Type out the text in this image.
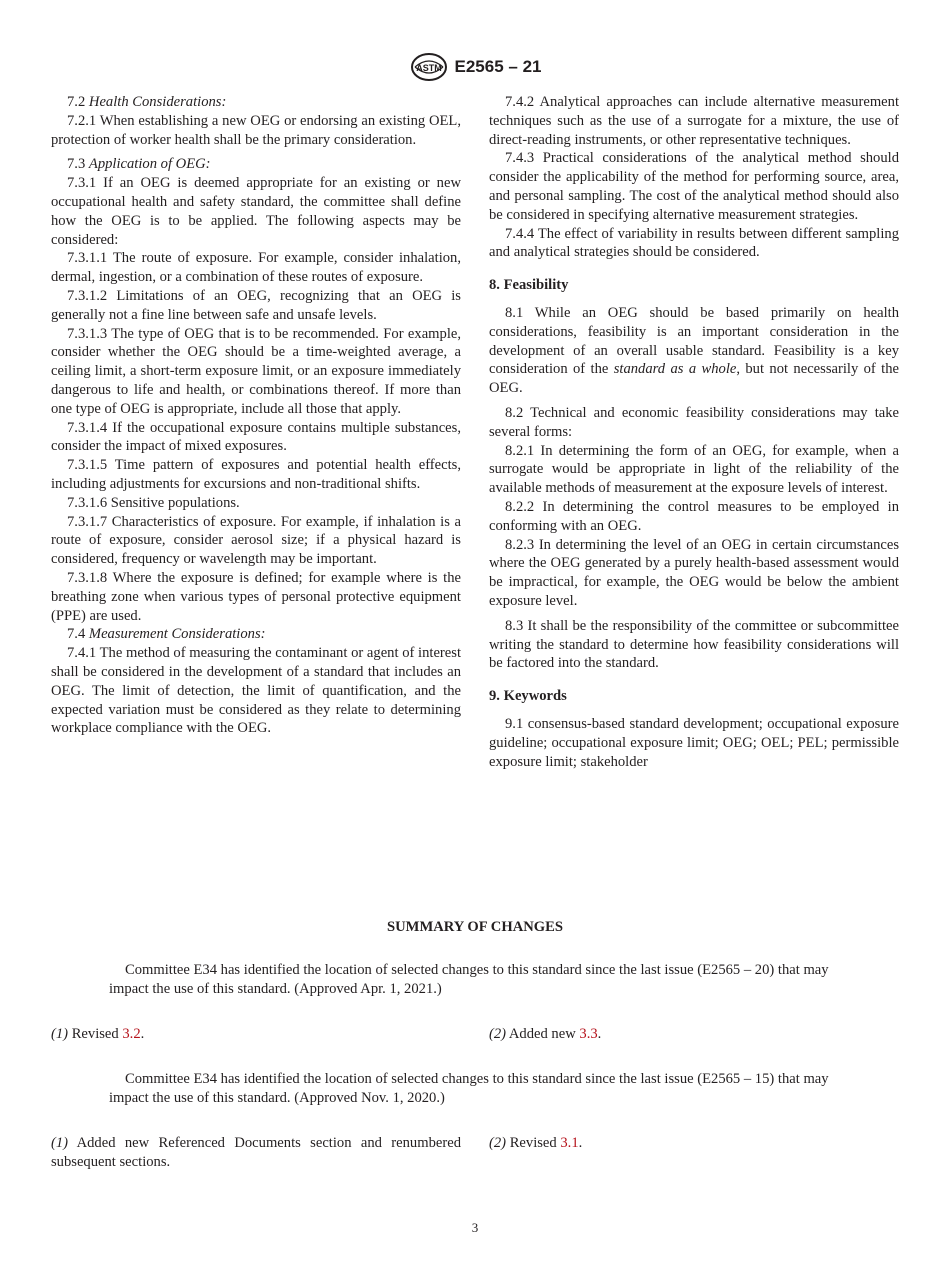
ASTM E2565 – 21

7.2 Health Considerations:

7.2.1 When establishing a new OEG or endorsing an existing OEL, protection of worker health shall be the primary consideration.

7.3 Application of OEG:

7.3.1 If an OEG is deemed appropriate for an existing or new occupational health and safety standard, the committee shall define how the OEG is to be applied. The following aspects may be considered:

7.3.1.1 The route of exposure. For example, consider inhalation, dermal, ingestion, or a combination of these routes of exposure.

7.3.1.2 Limitations of an OEG, recognizing that an OEG is generally not a fine line between safe and unsafe levels.

7.3.1.3 The type of OEG that is to be recommended. For example, consider whether the OEG should be a time-weighted average, a ceiling limit, a short-term exposure limit, or an exposure immediately dangerous to life and health, or combinations thereof. If more than one type of OEG is appropriate, include all those that apply.

7.3.1.4 If the occupational exposure contains multiple substances, consider the impact of mixed exposures.

7.3.1.5 Time pattern of exposures and potential health effects, including adjustments for excursions and non-traditional shifts.

7.3.1.6 Sensitive populations.

7.3.1.7 Characteristics of exposure. For example, if inhalation is a route of exposure, consider aerosol size; if a physical hazard is considered, frequency or wavelength may be important.

7.3.1.8 Where the exposure is defined; for example where is the breathing zone when various types of personal protective equipment (PPE) are used.

7.4 Measurement Considerations:

7.4.1 The method of measuring the contaminant or agent of interest shall be considered in the development of a standard that includes an OEG. The limit of detection, the limit of quantification, and the expected variation must be considered as they relate to determining workplace compliance with the OEG.

7.4.2 Analytical approaches can include alternative measurement techniques such as the use of a surrogate for a mixture, the use of direct-reading instruments, or other representative techniques.

7.4.3 Practical considerations of the analytical method should consider the applicability of the method for performing source, area, and personal sampling. The cost of the analytical method should also be considered in specifying alternative measurement strategies.

7.4.4 The effect of variability in results between different sampling and analytical strategies should be considered.

8. Feasibility

8.1 While an OEG should be based primarily on health considerations, feasibility is an important consideration in the development of an overall usable standard. Feasibility is a key consideration of the standard as a whole, but not necessarily of the OEG.

8.2 Technical and economic feasibility considerations may take several forms:

8.2.1 In determining the form of an OEG, for example, when a surrogate would be appropriate in light of the reliability of the available methods of measurement at the exposure levels of interest.

8.2.2 In determining the control measures to be employed in conforming with an OEG.

8.2.3 In determining the level of an OEG in certain circumstances where the OEG generated by a purely health-based assessment would be impractical, for example, the OEG would be below the ambient exposure level.

8.3 It shall be the responsibility of the committee or subcommittee writing the standard to determine how feasibility considerations will be factored into the standard.

9. Keywords

9.1 consensus-based standard development; occupational exposure guideline; occupational exposure limit; OEG; OEL; PEL; permissible exposure limit; stakeholder

SUMMARY OF CHANGES

Committee E34 has identified the location of selected changes to this standard since the last issue (E2565 – 20) that may impact the use of this standard. (Approved Apr. 1, 2021.)

(1) Revised 3.2.	(2) Added new 3.3.

Committee E34 has identified the location of selected changes to this standard since the last issue (E2565 – 15) that may impact the use of this standard. (Approved Nov. 1, 2020.)

(1) Added new Referenced Documents section and renumbered subsequent sections.
(2) Revised 3.1.
3
